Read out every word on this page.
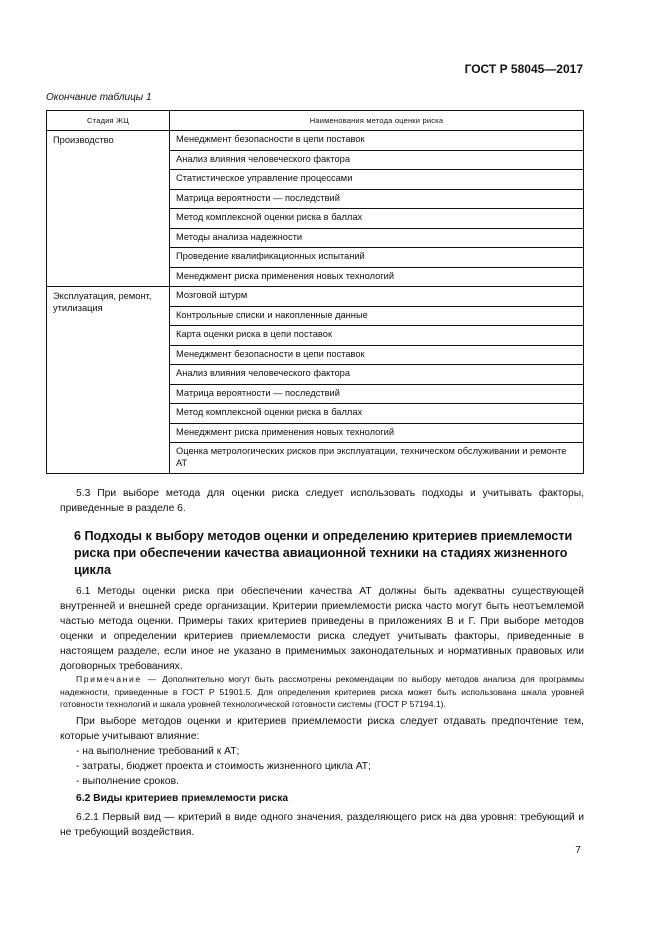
ГОСТ Р 58045—2017
Окончание таблицы 1
Стадия ЖЦ	Наименования метода оценки риска
Производство	Менеджмент безопасности в цепи поставок
	Анализ влияния человеческого фактора
	Статистическое управление процессами
	Матрица вероятности — последствий
	Метод комплексной оценки риска в баллах
	Методы анализа надежности
	Проведение квалификационных испытаний
	Менеджмент риска применения новых технологий
Эксплуатация, ремонт, утилизация	Мозговой штурм
	Контрольные списки и накопленные данные
	Карта оценки риска в цепи поставок
	Менеджмент безопасности в цепи поставок
	Анализ влияния человеческого фактора
	Матрица вероятности — последствий
	Метод комплексной оценки риска в баллах
	Менеджмент риска применения новых технологий
	Оценка метрологических рисков при эксплуатации, техническом обслуживании и ремонте АТ

5.3 При выборе метода для оценки риска следует использовать подходы и учитывать факторы, приведенные в разделе 6.

6 Подходы к выбору методов оценки и определению критериев приемлемости риска при обеспечении качества авиационной техники на стадиях жизненного цикла

6.1 Методы оценки риска при обеспечении качества АТ должны быть адекватны существующей внутренней и внешней среде организации. Критерии приемлемости риска часто могут быть неотъемлемой частью метода оценки. Примеры таких критериев приведены в приложениях В и Г. При выборе методов оценки и определении критериев приемлемости риска следует учитывать факторы, приведенные в настоящем разделе, если иное не указано в применимых законодательных и нормативных правовых или договорных требованиях.

Примечание — Дополнительно могут быть рассмотрены рекомендации по выбору методов анализа для программы надежности, приведенные в ГОСТ Р 51901.5. Для определения критериев риска может быть использована шкала уровней готовности технологий и шкала уровней технологической готовности системы (ГОСТ Р 57194.1).

При выборе методов оценки и критериев приемлемости риска следует отдавать предпочтение тем, которые учитывают влияние:

- на выполнение требований к АТ;
- затраты, бюджет проекта и стоимость жизненного цикла АТ;
- выполнение сроков.
6.2 Виды критериев приемлемости риска

6.2.1 Первый вид — критерий в виде одного значения, разделяющего риск на два уровня: требующий и не требующий воздействия.

7
